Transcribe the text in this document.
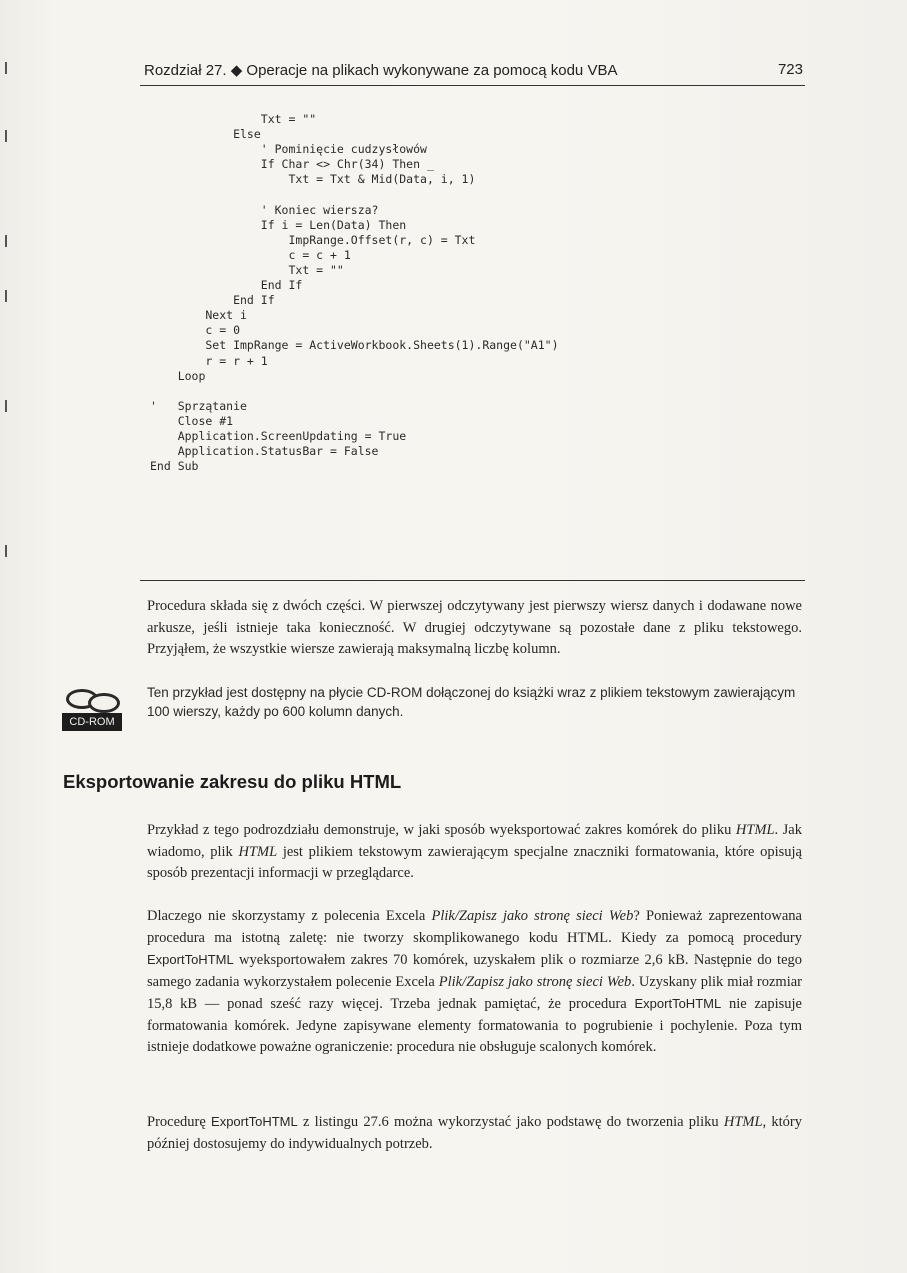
Rozdział 27. ◆ Operacje na plikach wykonywane za pomocą kodu VBA	723
Txt = ""
Else
' Pominięcie cudzysłowów
If Char <> Chr(34) Then _
Txt = Txt & Mid(Data, i, 1)
' Koniec wiersza?
If i = Len(Data) Then
ImpRange.Offset(r, c) = Txt
c = c + 1
Txt = ""
End If
End If
Next i
c = 0
Set ImpRange = ActiveWorkbook.Sheets(1).Range("A1")
r = r + 1
Loop
'   Sprzątanie
Close #1
Application.ScreenUpdating = True
Application.StatusBar = False
End Sub

Procedura składa się z dwóch części. W pierwszej odczytywany jest pierwszy wiersz danych i dodawane nowe arkusze, jeśli istnieje taka konieczność. W drugiej odczytywane są pozostałe dane z pliku tekstowego. Przyjąłem, że wszystkie wiersze zawierają maksymalną liczbę kolumn.

CD-ROM
Ten przykład jest dostępny na płycie CD-ROM dołączonej do książki wraz z plikiem tekstowym zawierającym 100 wierszy, każdy po 600 kolumn danych.
Eksportowanie zakresu do pliku HTML

Przykład z tego podrozdziału demonstruje, w jaki sposób wyeksportować zakres komórek do pliku HTML. Jak wiadomo, plik HTML jest plikiem tekstowym zawierającym specjalne znaczniki formatowania, które opisują sposób prezentacji informacji w przeglądarce.

Dlaczego nie skorzystamy z polecenia Excela Plik/Zapisz jako stronę sieci Web? Ponieważ zaprezentowana procedura ma istotną zaletę: nie tworzy skomplikowanego kodu HTML. Kiedy za pomocą procedury ExportToHTML wyeksportowałem zakres 70 komórek, uzyskałem plik o rozmiarze 2,6 kB. Następnie do tego samego zadania wykorzystałem polecenie Excela Plik/Zapisz jako stronę sieci Web. Uzyskany plik miał rozmiar 15,8 kB — ponad sześć razy więcej. Trzeba jednak pamiętać, że procedura ExportToHTML nie zapisuje formatowania komórek. Jedyne zapisywane elementy formatowania to pogrubienie i pochylenie. Poza tym istnieje dodatkowe poważne ograniczenie: procedura nie obsługuje scalonych komórek.

Procedurę ExportToHTML z listingu 27.6 można wykorzystać jako podstawę do tworzenia pliku HTML, który później dostosujemy do indywidualnych potrzeb.
